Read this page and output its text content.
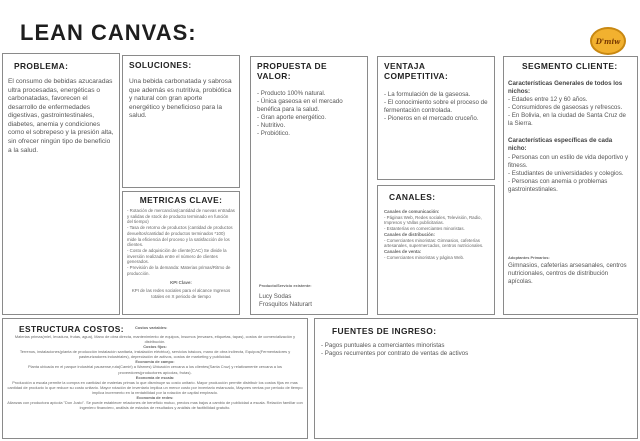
LEAN CANVAS:	D'miw
PROBLEMA:

El consumo de bebidas azucaradas ultra procesadas, energéticas o carbonatadas, favorecen el desarrollo de enfermedades digestivas, gastrointestinales, diabetes, anemia y condiciones como el sobrepeso y la presión alta, sin ofrecer ningún tipo de beneficio a la salud.

SOLUCIONES:

Una bebida carbonatada y sabrosa que además es nutritiva, probiótica y natural con gran aporte energético y beneficioso para la salud.

METRICAS CLAVE:
- Rotación de mercancías(cantidad de nuevas entradas y salidas de stock de producto terminado en función del tiempo)
- Tasa de retorno de productos (cantidad de productos devueltos/cantidad de productos terminados *100) mide la eficiencia del proceso y la satisfacción de los clientes.
- Costo de adquisición de cliente(CAC) Se divide la inversión realizada entre el número de clientes generados.
- Previsión de la demanda: Materias primas/Ritmo de producción.
KPI Clave:

KPI de las redes sociales para el alcance Ingresos totales en X periodo de tiempo

PROPUESTA DE VALOR:
- Producto 100% natural.
- Única gaseosa en el mercado benéfica para la salud.
- Gran aporte energético.
- Nutritivo.
- Probiótico.
Producto/Servicio existente:
Lucy Sodas
Frosquitos Naturart
VENTAJA COMPETITIVA:
- La formulación de la gaseosa.
- El conocimiento sobre el proceso de fermentación controlada.
- Pioneros en el mercado cruceño.
CANALES:
Canales de comunicación:
- Páginas Web, Redes sociales, Televisión, Radio, Impresos y Vallas publicitarias.
- Estanterías en comerciantes minoristas.
Canales de distribución:
- Comerciantes minoristas: Gimnasios, cafeterías artesanales, supermercados, centros nutricionales.
Canales de venta:
- Comerciantes minoristas y página Web.
SEGMENTO CLIENTE:
Características Generales de todos los nichos:
- Edades entre 12 y 60 años.
- Consumidores de gaseosas y refrescos.
- En Bolivia, en la ciudad de Santa Cruz de la Sierra.
Características específicas de cada nicho:
- Personas con un estilo de vida deportivo y fitness.
- Estudiantes de universidades y colegios.
- Personas con anemia o problemas gastrointestinales.
Adoptantes Primarios:

Gimnasios, cafeterías arsesanales, centros nutricionales, centros de distribución apícolas.

ESTRUCTURA COSTOS:	Costos variables:

Materias primas(miel, levadura, frutas, agua), Mano de obra directa, mantenimiento de equipos, Insumos (envases, etiquetas, tapas), costos de comercialización y distribución.

Costos fijos:

Terrenos, instalaciones(planta de producción instalación sanitaria, instalación eléctrica), servicios básicos, mano de obra indirecta, Equipos(Fermentadores y pasteurizadores industriales), depreciación de activos, costos de marketing y publicidad.

Economía de campo:

Planta ubicada en el parque industrial pausense,ruta(Camiri) a Warnes) Ubicación cercana a los clientes(Santa Cruz) y relativamente cercana a los proveedores(productores apícolas, frutas).

Economía de escala:

Producción a escala permite la compra en cantidad de materias primas lo que disminuye su costo unitario. Mayor producción permite distribuir los costos fijos en mas cantidad de producto lo que reduce su costo unitario. Mayor rotación de inventario implica un menor costo por inventario estancado, Mayores ventas por periodo de tiempo implica incremento en la rentabilidad por la rotación de capital empleado.

Economía de redes:

Alianzas con productora apícola "Don Justo". Se puede establecer relaciones de beneficio mutuo, precios mas bajos a cambio de publicidad a escala. Relación familiar con ingeniero financiero, análisis de estados de resultados y análisis de factibilidad gratuito.

FUENTES DE INGRESO:
- Pagos puntuales a comerciantes minoristas
- Pagos recurrentes por contrato de ventas de activos
